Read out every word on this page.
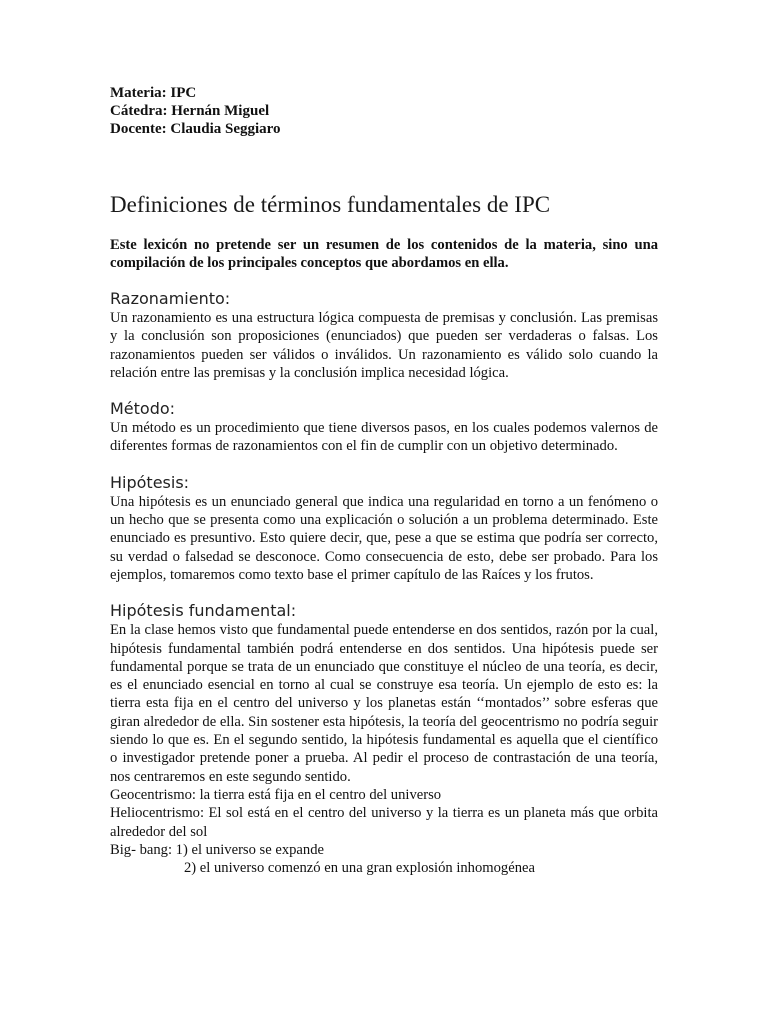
Materia: IPC

Cátedra: Hernán Miguel

Docente: Claudia Seggiaro

Definiciones de términos fundamentales de IPC

Este lexicón no pretende ser un resumen de los contenidos de la materia, sino una compilación de los principales conceptos que abordamos en ella.

Razonamiento:

Un razonamiento es una estructura lógica compuesta de premisas y conclusión. Las premisas y la conclusión son proposiciones (enunciados) que pueden ser verdaderas o falsas. Los razonamientos pueden ser válidos o inválidos. Un razonamiento es válido solo cuando la relación entre las premisas y la conclusión implica necesidad lógica.

Método:

Un método es un procedimiento que tiene diversos pasos, en los cuales podemos valernos de diferentes formas de razonamientos con el fin de cumplir con un objetivo determinado.

Hipótesis:

Una hipótesis es un enunciado general que indica una regularidad en torno a un fenómeno o un hecho que se presenta como una explicación o solución a un problema determinado. Este enunciado es presuntivo. Esto quiere decir, que, pese a que se estima que podría ser correcto, su verdad o falsedad se desconoce. Como consecuencia de esto, debe ser probado. Para los ejemplos, tomaremos como texto base el primer capítulo de las Raíces y los frutos.

Hipótesis fundamental:

En la clase hemos visto que fundamental puede entenderse en dos sentidos, razón por la cual, hipótesis fundamental también podrá entenderse en dos sentidos. Una hipótesis puede ser fundamental porque se trata de un enunciado que constituye el núcleo de una teoría, es decir, es el enunciado esencial en torno al cual se construye esa teoría. Un ejemplo de esto es: la tierra esta fija en el centro del universo y los planetas están ‘‘montados’’ sobre esferas que giran alrededor de ella. Sin sostener esta hipótesis, la teoría del geocentrismo no podría seguir siendo lo que es. En el segundo sentido, la hipótesis fundamental es aquella que el científico o investigador pretende poner a prueba. Al pedir el proceso de contrastación de una teoría, nos centraremos en este segundo sentido.

Geocentrismo: la tierra está fija en el centro del universo

Heliocentrismo: El sol está en el centro del universo y la tierra es un planeta más que orbita alrededor del sol

Big- bang: 1) el universo se expande

2) el universo comenzó en una gran explosión inhomogénea
